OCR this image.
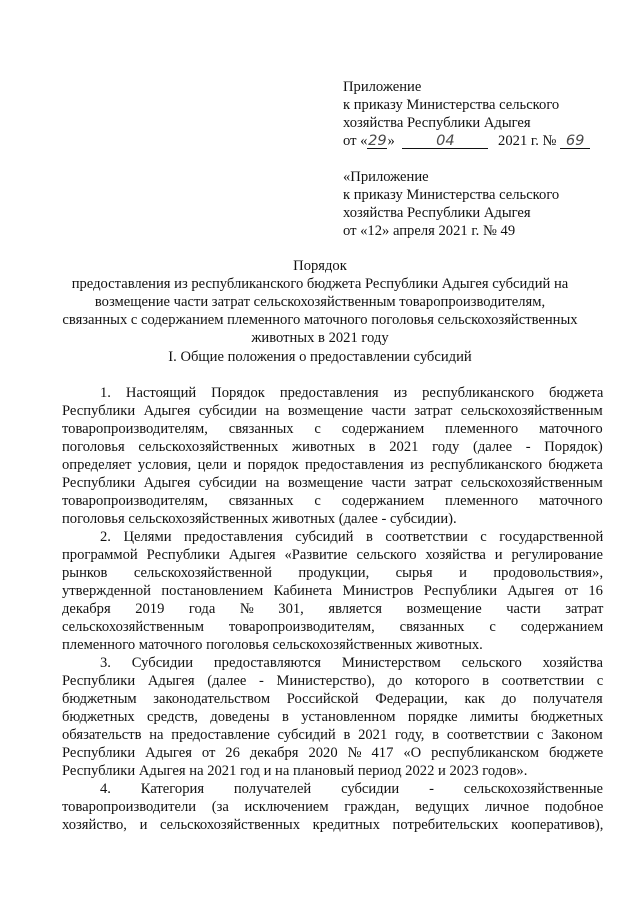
Приложение
к приказу Министерства сельского
хозяйства Республики Адыгея
от «29»	04	2021 г. № 69
«Приложение
к приказу Министерства сельского
хозяйства Республики Адыгея
от «12» апреля 2021 г. № 49
Порядок
предоставления из республиканского бюджета Республики Адыгея субсидий на
возмещение части затрат сельскохозяйственным товаропроизводителям,
связанных с содержанием племенного маточного поголовья сельскохозяйственных
животных в 2021 году
I. Общие положения о предоставлении субсидий
1. Настоящий Порядок предоставления из республиканского бюджета
Республики Адыгея субсидии на возмещение части затрат сельскохозяйственным
товаропроизводителям, связанных с содержанием племенного маточного
поголовья сельскохозяйственных животных в 2021 году (далее - Порядок)
определяет условия, цели и порядок предоставления из республиканского бюджета
Республики Адыгея субсидии на возмещение части затрат сельскохозяйственным
товаропроизводителям, связанных с содержанием племенного маточного
поголовья сельскохозяйственных животных (далее - субсидии).
2. Целями предоставления субсидий в соответствии с государственной
программой Республики Адыгея «Развитие сельского хозяйства и регулирование
рынков сельскохозяйственной продукции, сырья и продовольствия»,
утвержденной постановлением Кабинета Министров Республики Адыгея от 16
декабря 2019 года № 301, является возмещение части затрат
сельскохозяйственным товаропроизводителям, связанных с содержанием
племенного маточного поголовья сельскохозяйственных животных.
3. Субсидии предоставляются Министерством сельского хозяйства
Республики Адыгея (далее - Министерство), до которого в соответствии с
бюджетным законодательством Российской Федерации, как до получателя
бюджетных средств, доведены в установленном порядке лимиты бюджетных
обязательств на предоставление субсидий в 2021 году, в соответствии с Законом
Республики Адыгея от 26 декабря 2020 № 417 «О республиканском бюджете
Республики Адыгея на 2021 год и на плановый период 2022 и 2023 годов».
4. Категория получателей субсидии - сельскохозяйственные
товаропроизводители (за исключением граждан, ведущих личное подобное
хозяйство, и сельскохозяйственных кредитных потребительских кооперативов),
